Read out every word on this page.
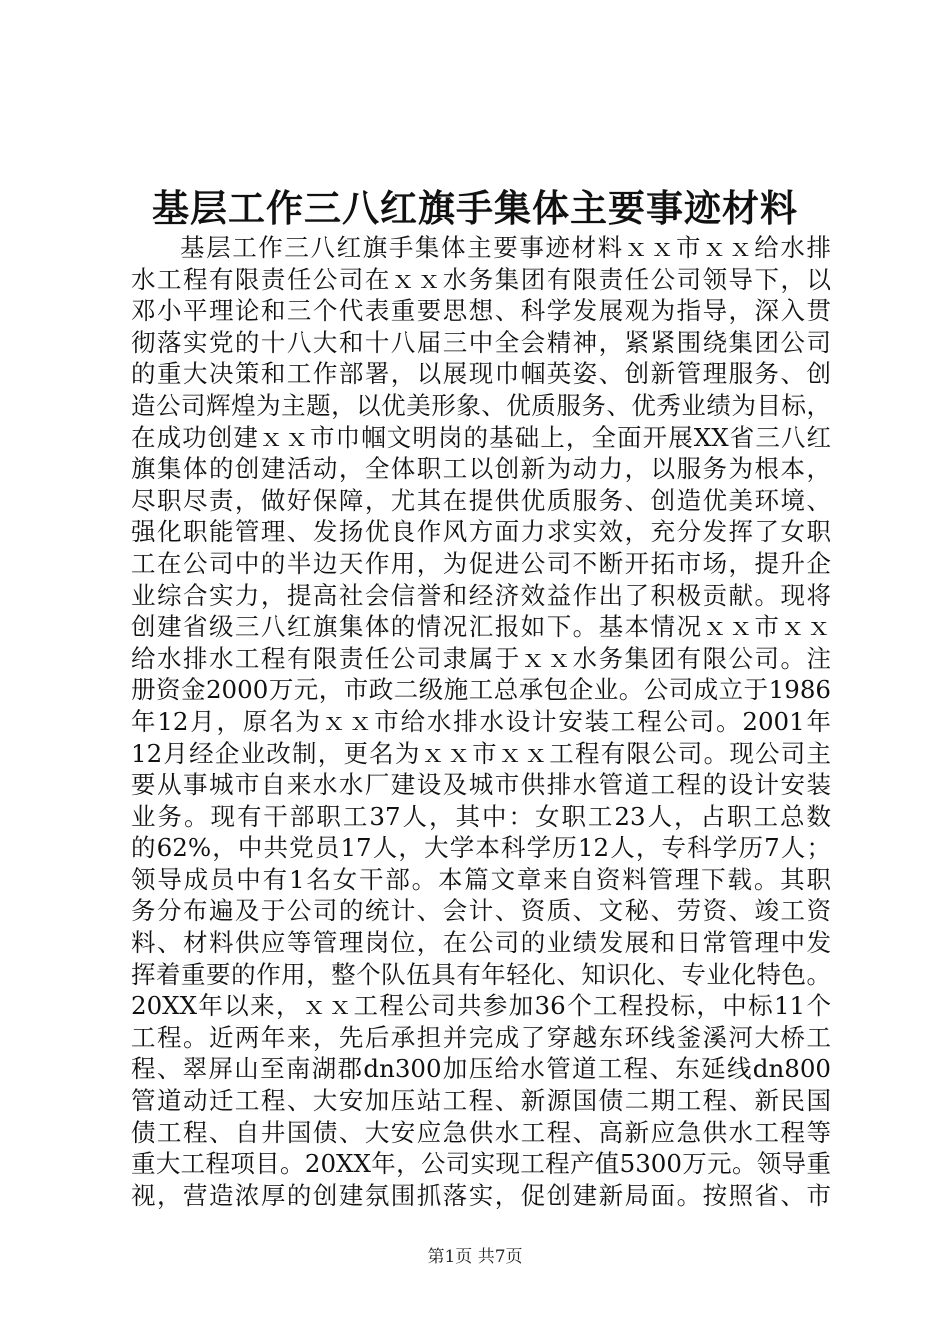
基层工作三八红旗手集体主要事迹材料
基层工作三八红旗手集体主要事迹材料ｘｘ市ｘｘ给水排
水工程有限责任公司在ｘｘ水务集团有限责任公司领导下，以
邓小平理论和三个代表重要思想、科学发展观为指导，深入贯
彻落实党的十八大和十八届三中全会精神，紧紧围绕集团公司
的重大决策和工作部署，以展现巾帼英姿、创新管理服务、创
造公司辉煌为主题，以优美形象、优质服务、优秀业绩为目标，
在成功创建ｘｘ市巾帼文明岗的基础上，全面开展XX省三八红
旗集体的创建活动，全体职工以创新为动力，以服务为根本，
尽职尽责，做好保障，尤其在提供优质服务、创造优美环境、
强化职能管理、发扬优良作风方面力求实效，充分发挥了女职
工在公司中的半边天作用，为促进公司不断开拓市场，提升企
业综合实力，提高社会信誉和经济效益作出了积极贡献。现将
创建省级三八红旗集体的情况汇报如下。基本情况ｘｘ市ｘｘ
给水排水工程有限责任公司隶属于ｘｘ水务集团有限公司。注
册资金2000万元，市政二级施工总承包企业。公司成立于1986
年12月，原名为ｘｘ市给水排水设计安装工程公司。2001年
12月经企业改制，更名为ｘｘ市ｘｘ工程有限公司。现公司主
要从事城市自来水水厂建设及城市供排水管道工程的设计安装
业务。现有干部职工37人，其中：女职工23人，占职工总数
的62%，中共党员17人，大学本科学历12人，专科学历7人；
领导成员中有1名女干部。本篇文章来自资料管理下载。其职
务分布遍及于公司的统计、会计、资质、文秘、劳资、竣工资
料、材料供应等管理岗位，在公司的业绩发展和日常管理中发
挥着重要的作用，整个队伍具有年轻化、知识化、专业化特色。
20XX年以来，ｘｘ工程公司共参加36个工程投标，中标11个
工程。近两年来，先后承担并完成了穿越东环线釜溪河大桥工
程、翠屏山至南湖郡dn300加压给水管道工程、东延线dn800
管道动迁工程、大安加压站工程、新源国债二期工程、新民国
债工程、自井国债、大安应急供水工程、高新应急供水工程等
重大工程项目。20XX年，公司实现工程产值5300万元。领导重
视，营造浓厚的创建氛围抓落实，促创建新局面。按照省、市
第1页 共7页
